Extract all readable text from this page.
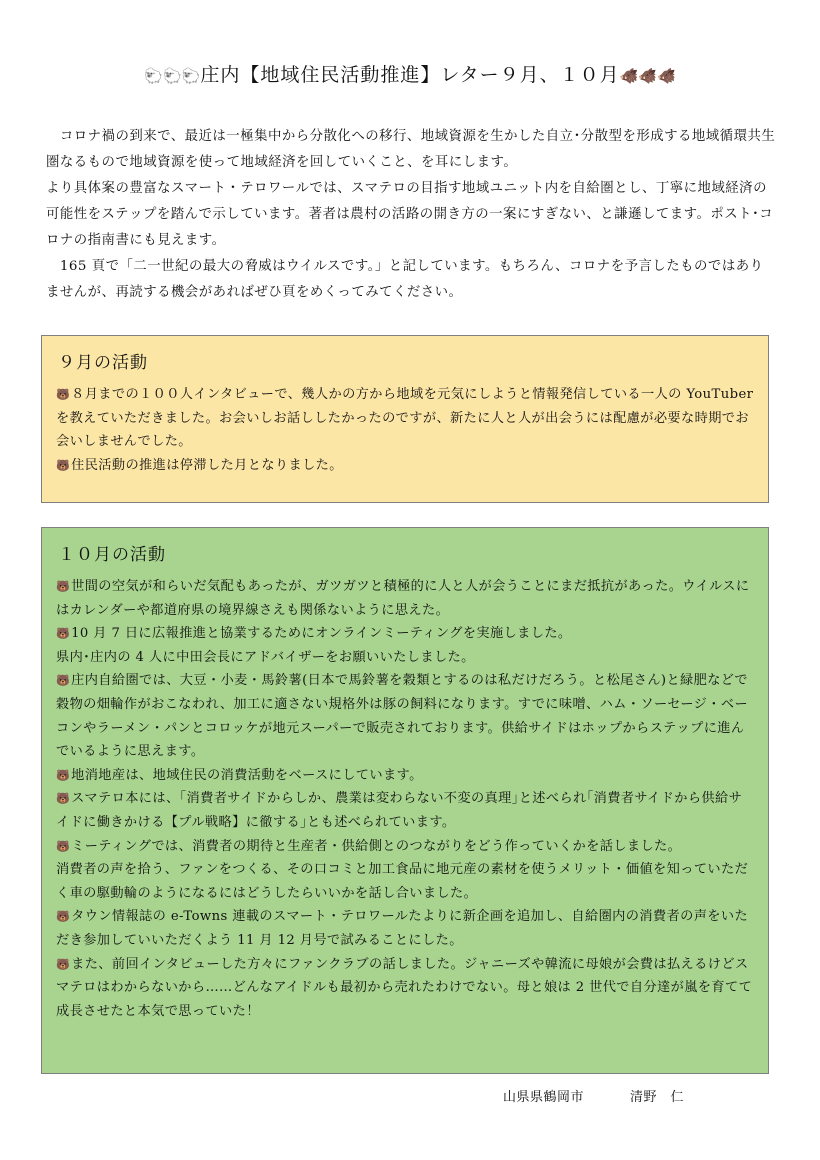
🐑🐑🐑庄内【地域住民活動推進】レター９月、１０月🐗🐗🐗

　コロナ禍の到来で、最近は一極集中から分散化への移行、地域資源を生かした自立･分散型を形成する地域循環共生圏なるもので地域資源を使って地域経済を回していくこと、を耳にします。

より具体案の豊富なスマート・テロワールでは、スマテロの目指す地域ユニット内を自給圏とし、丁寧に地域経済の可能性をステップを踏んで示しています。著者は農村の活路の開き方の一案にすぎない、と謙遜してます。ポスト･コロナの指南書にも見えます。

　165 頁で「二一世紀の最大の脅威はウイルスです。」と記しています。もちろん、コロナを予言したものではありませんが、再読する機会があればぜひ頁をめくってみてください。

９月の活動
🐻８月までの１００人インタビューで、幾人かの方から地域を元気にしようと情報発信している一人の YouTuber を教えていただきました。お会いしお話ししたかったのですが、新たに人と人が出会うには配慮が必要な時期でお会いしませんでした。
🐻住民活動の推進は停滞した月となりました。
１０月の活動
🐻世間の空気が和らいだ気配もあったが、ガツガツと積極的に人と人が会うことにまだ抵抗があった。ウイルスにはカレンダーや都道府県の境界線さえも関係ないように思えた。
🐻10 月 7 日に広報推進と協業するためにオンラインミーティングを実施しました。
県内･庄内の 4 人に中田会長にアドバイザーをお願いいたしました。
🐻庄内自給圏では、大豆・小麦・馬鈴薯(日本で馬鈴薯を穀類とするのは私だけだろう。と松尾さん)と緑肥などで穀物の畑輪作がおこなわれ、加工に適さない規格外は豚の飼料になります。すでに味噌、ハム・ソーセージ・ベーコンやラーメン・パンとコロッケが地元スーパーで販売されております。供給サイドはホップからステップに進んでいるように思えます。
🐻地消地産は、地域住民の消費活動をベースにしています。
🐻スマテロ本には、｢消費者サイドからしか、農業は変わらない不変の真理｣と述べられ｢消費者サイドから供給サイドに働きかける【プル戦略】に徹する｣とも述べられています。
🐻ミーティングでは、消費者の期待と生産者・供給側とのつながりをどう作っていくかを話しました。
消費者の声を拾う、ファンをつくる、その口コミと加工食品に地元産の素材を使うメリット・価値を知っていただく車の駆動輪のようになるにはどうしたらいいかを話し合いました。
🐻タウン情報誌の e-Towns 連載のスマート・テロワールたよりに新企画を追加し、自給圏内の消費者の声をいただき参加していいただくよう 11 月 12 月号で試みることにした。
🐻また、前回インタビューした方々にファンクラブの話しました。ジャニーズや韓流に母娘が会費は払えるけどスマテロはわからないから……どんなアイドルも最初から売れたわけでない。母と娘は 2 世代で自分達が嵐を育てて成長させたと本気で思っていた！
山県県鶴岡市	清野　仁
